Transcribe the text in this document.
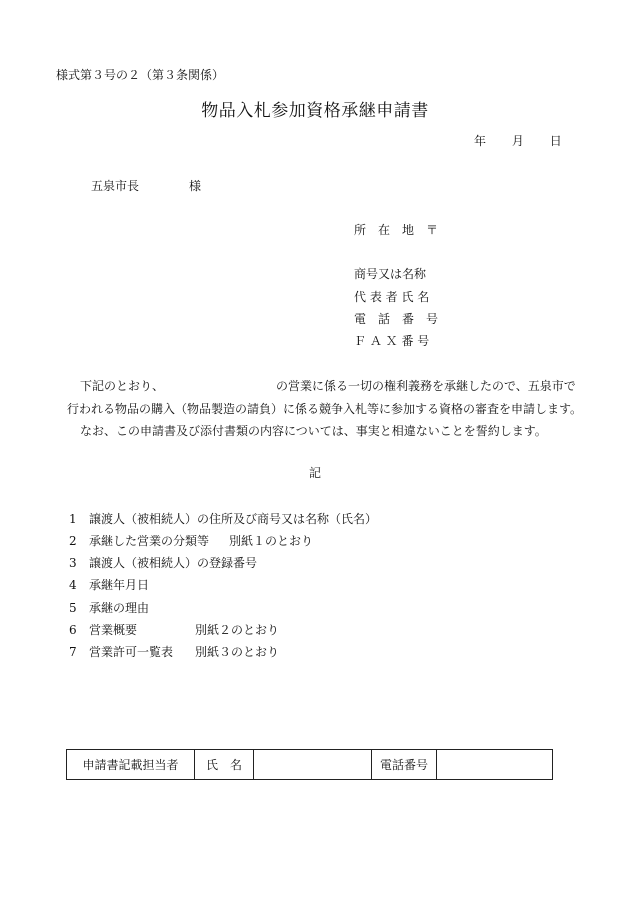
様式第３号の２（第３条関係）
物品入札参加資格承継申請書
年 月 日
五泉市長	様
所　在　地　〒
商号又は名称
代 表 者 氏 名
電　話　番　号
Ｆ Ａ Ｘ 番 号
下記のとおり、	の営業に係る一切の権利義務を承継したので、五泉市で
行われる物品の購入（物品製造の請負）に係る競争入札等に参加する資格の審査を申請します。
なお、この申請書及び添付書類の内容については、事実と相違ないことを誓約します。
記
1 譲渡人（被相続人）の住所及び商号又は名称（氏名）
2 承継した営業の分類等 別紙１のとおり
3 譲渡人（被相続人）の登録番号
4 承継年月日
5 承継の理由
6 営業概要	別紙２のとおり
7 営業許可一覧表 別紙３のとおり
申請書記載担当者	氏　名		電話番号	
